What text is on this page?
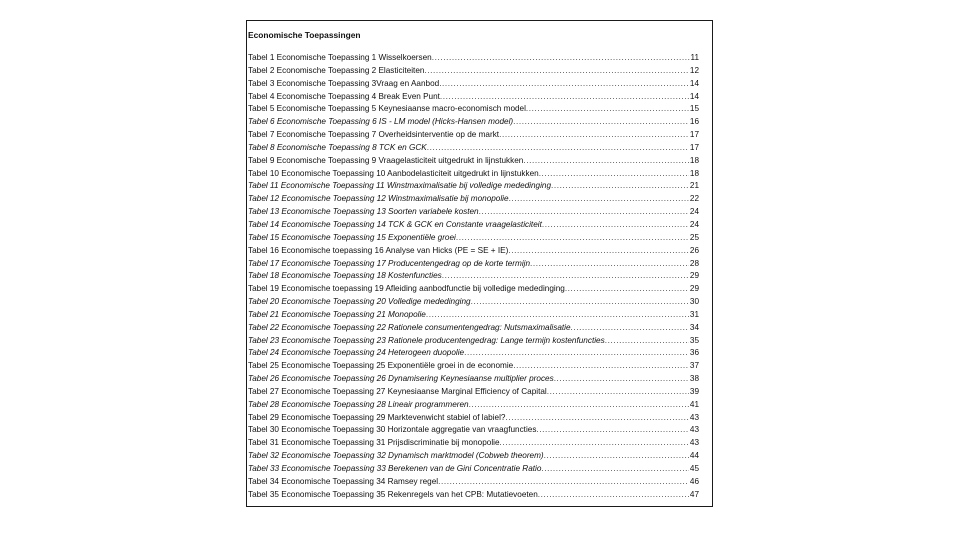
Economische Toepassingen
Tabel 1 Economische Toepassing 1 Wisselkoersen .....	11
Tabel 2 Economische Toepassing 2 Elasticiteiten .....	12
Tabel 3 Economische Toepassing 3Vraag en Aanbod .....	14
Tabel 4 Economische Toepassing 4 Break Even Punt .....	14
Tabel 5 Economische Toepassing 5 Keynesiaanse macro-economisch model .....	15
Tabel 6 Economische Toepassing 6 IS - LM model (Hicks-Hansen model) .....	16
Tabel 7 Economische Toepassing 7 Overheidsinterventie op de markt .....	17
Tabel 8 Economische Toepassing 8 TCK en GCK .....	17
Tabel 9 Economische Toepassing 9 Vraagelasticiteit uitgedrukt in lijnstukken .....	18
Tabel 10 Economische Toepassing 10 Aanbodelasticiteit uitgedrukt in lijnstukken .....	18
Tabel 11 Economische Toepassing 11 Winstmaximalisatie bij volledige mededinging .....	21
Tabel 12 Economische Toepassing 12 Winstmaximalisatie bij monopolie .....	22
Tabel 13 Economische Toepassing 13 Soorten variabele kosten .....	24
Tabel 14 Economische Toepassing 14 TCK & GCK en Constante vraagelasticiteit .....	24
Tabel 15 Economische Toepassing 15 Exponentiële groei .....	25
Tabel 16 Economische toepassing 16 Analyse van Hicks (PE = SE + IE) .....	26
Tabel 17 Economische Toepassing 17 Producentengedrag op de korte termijn .....	28
Tabel 18 Economische Toepassing 18 Kostenfuncties .....	29
Tabel 19 Economische toepassing 19 Afleiding aanbodfunctie bij volledige mededinging .....	29
Tabel 20 Economische Toepassing 20 Volledige mededinging .....	30
Tabel 21 Economische Toepassing 21 Monopolie .....	31
Tabel 22 Economische Toepassing 22 Rationele consumentengedrag: Nutsmaximalisatie .....	34
Tabel 23 Economische Toepassing 23 Rationele producentengedrag: Lange termijn kostenfuncties .....	35
Tabel 24 Economische Toepassing 24 Heterogeen duopolie .....	36
Tabel 25 Economische Toepassing 25 Exponentiële groei in de economie .....	37
Tabel 26 Economische Toepassing 26 Dynamisering Keynesiaanse multiplier proces .....	38
Tabel 27 Economische Toepassing 27 Keynesiaanse Marginal Efficiency of Capital .....	39
Tabel 28 Economische Toepassing 28 Lineair programmeren .....	41
Tabel 29 Economische Toepassing 29 Marktevenwicht stabiel of labiel? .....	43
Tabel 30 Economische Toepassing 30 Horizontale aggregatie van vraagfuncties .....	43
Tabel 31 Economische Toepassing 31 Prijsdiscriminatie bij monopolie .....	43
Tabel 32 Economische Toepassing 32 Dynamisch marktmodel (Cobweb theorem) .....	44
Tabel 33 Economische Toepassing 33 Berekenen van de Gini Concentratie Ratio .....	45
Tabel 34 Economische Toepassing 34 Ramsey regel .....	46
Tabel 35 Economische Toepassing 35 Rekenregels van het CPB: Mutatievoeten .....	47
